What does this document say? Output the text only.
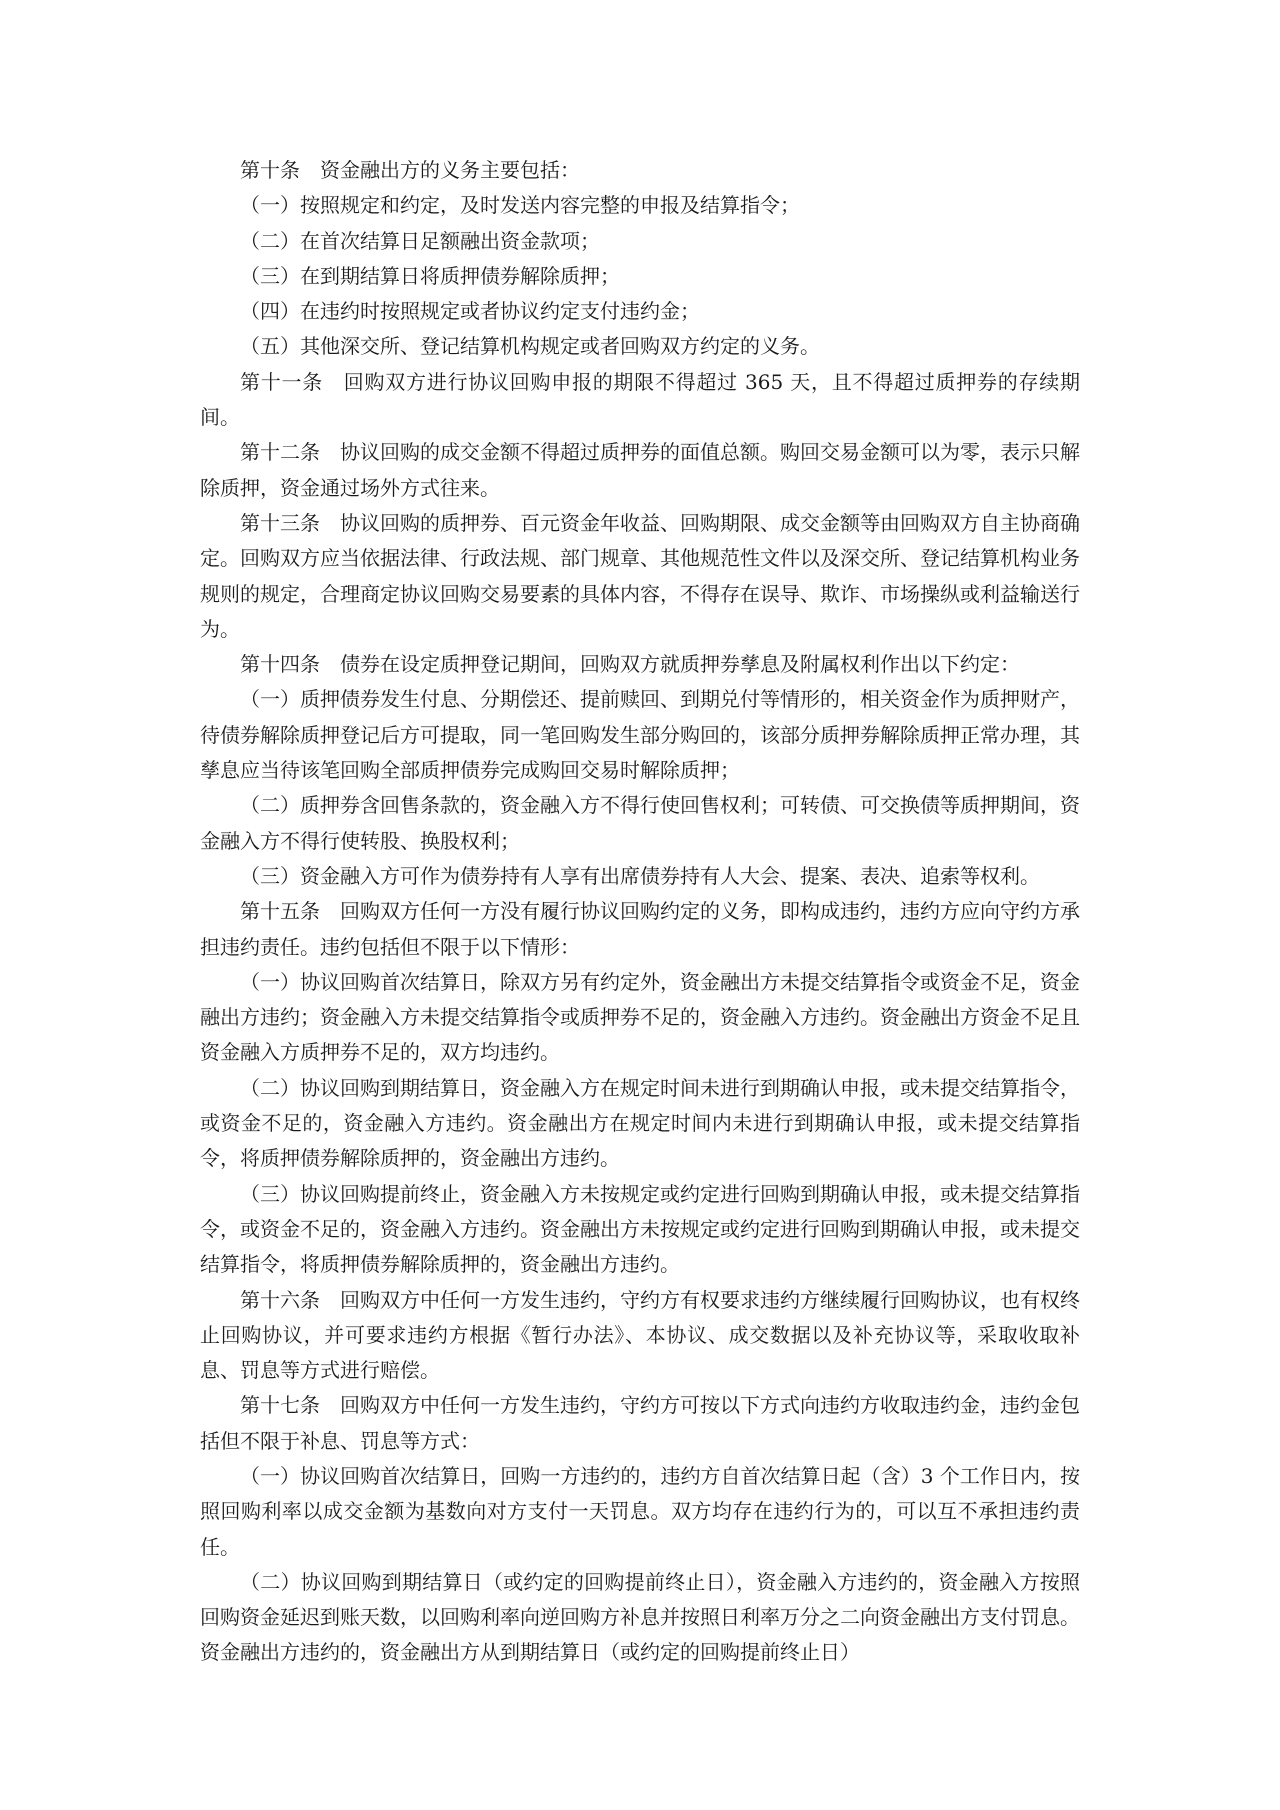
第十条　资金融出方的义务主要包括：

（一）按照规定和约定，及时发送内容完整的申报及结算指令；

（二）在首次结算日足额融出资金款项；

（三）在到期结算日将质押债券解除质押；

（四）在违约时按照规定或者协议约定支付违约金；

（五）其他深交所、登记结算机构规定或者回购双方约定的义务。

第十一条　回购双方进行协议回购申报的期限不得超过 365 天，且不得超过质押券的存续期间。

第十二条　协议回购的成交金额不得超过质押券的面值总额。购回交易金额可以为零，表示只解除质押，资金通过场外方式往来。

第十三条　协议回购的质押券、百元资金年收益、回购期限、成交金额等由回购双方自主协商确定。回购双方应当依据法律、行政法规、部门规章、其他规范性文件以及深交所、登记结算机构业务规则的规定，合理商定协议回购交易要素的具体内容，不得存在误导、欺诈、市场操纵或利益输送行为。

第十四条　债券在设定质押登记期间，回购双方就质押券孳息及附属权利作出以下约定：

（一）质押债券发生付息、分期偿还、提前赎回、到期兑付等情形的，相关资金作为质押财产，待债券解除质押登记后方可提取，同一笔回购发生部分购回的，该部分质押券解除质押正常办理，其孳息应当待该笔回购全部质押债券完成购回交易时解除质押；

（二）质押券含回售条款的，资金融入方不得行使回售权利；可转债、可交换债等质押期间，资金融入方不得行使转股、换股权利；

（三）资金融入方可作为债券持有人享有出席债券持有人大会、提案、表决、追索等权利。

第十五条　回购双方任何一方没有履行协议回购约定的义务，即构成违约，违约方应向守约方承担违约责任。违约包括但不限于以下情形：

（一）协议回购首次结算日，除双方另有约定外，资金融出方未提交结算指令或资金不足，资金融出方违约；资金融入方未提交结算指令或质押券不足的，资金融入方违约。资金融出方资金不足且资金融入方质押券不足的，双方均违约。

（二）协议回购到期结算日，资金融入方在规定时间未进行到期确认申报，或未提交结算指令，或资金不足的，资金融入方违约。资金融出方在规定时间内未进行到期确认申报，或未提交结算指令，将质押债券解除质押的，资金融出方违约。

（三）协议回购提前终止，资金融入方未按规定或约定进行回购到期确认申报，或未提交结算指令，或资金不足的，资金融入方违约。资金融出方未按规定或约定进行回购到期确认申报，或未提交结算指令，将质押债券解除质押的，资金融出方违约。

第十六条　回购双方中任何一方发生违约，守约方有权要求违约方继续履行回购协议，也有权终止回购协议，并可要求违约方根据《暂行办法》、本协议、成交数据以及补充协议等，采取收取补息、罚息等方式进行赔偿。

第十七条　回购双方中任何一方发生违约，守约方可按以下方式向违约方收取违约金，违约金包括但不限于补息、罚息等方式：

（一）协议回购首次结算日，回购一方违约的，违约方自首次结算日起（含）3 个工作日内，按照回购利率以成交金额为基数向对方支付一天罚息。双方均存在违约行为的，可以互不承担违约责任。

（二）协议回购到期结算日（或约定的回购提前终止日），资金融入方违约的，资金融入方按照回购资金延迟到账天数，以回购利率向逆回购方补息并按照日利率万分之二向资金融出方支付罚息。资金融出方违约的，资金融出方从到期结算日（或约定的回购提前终止日）
